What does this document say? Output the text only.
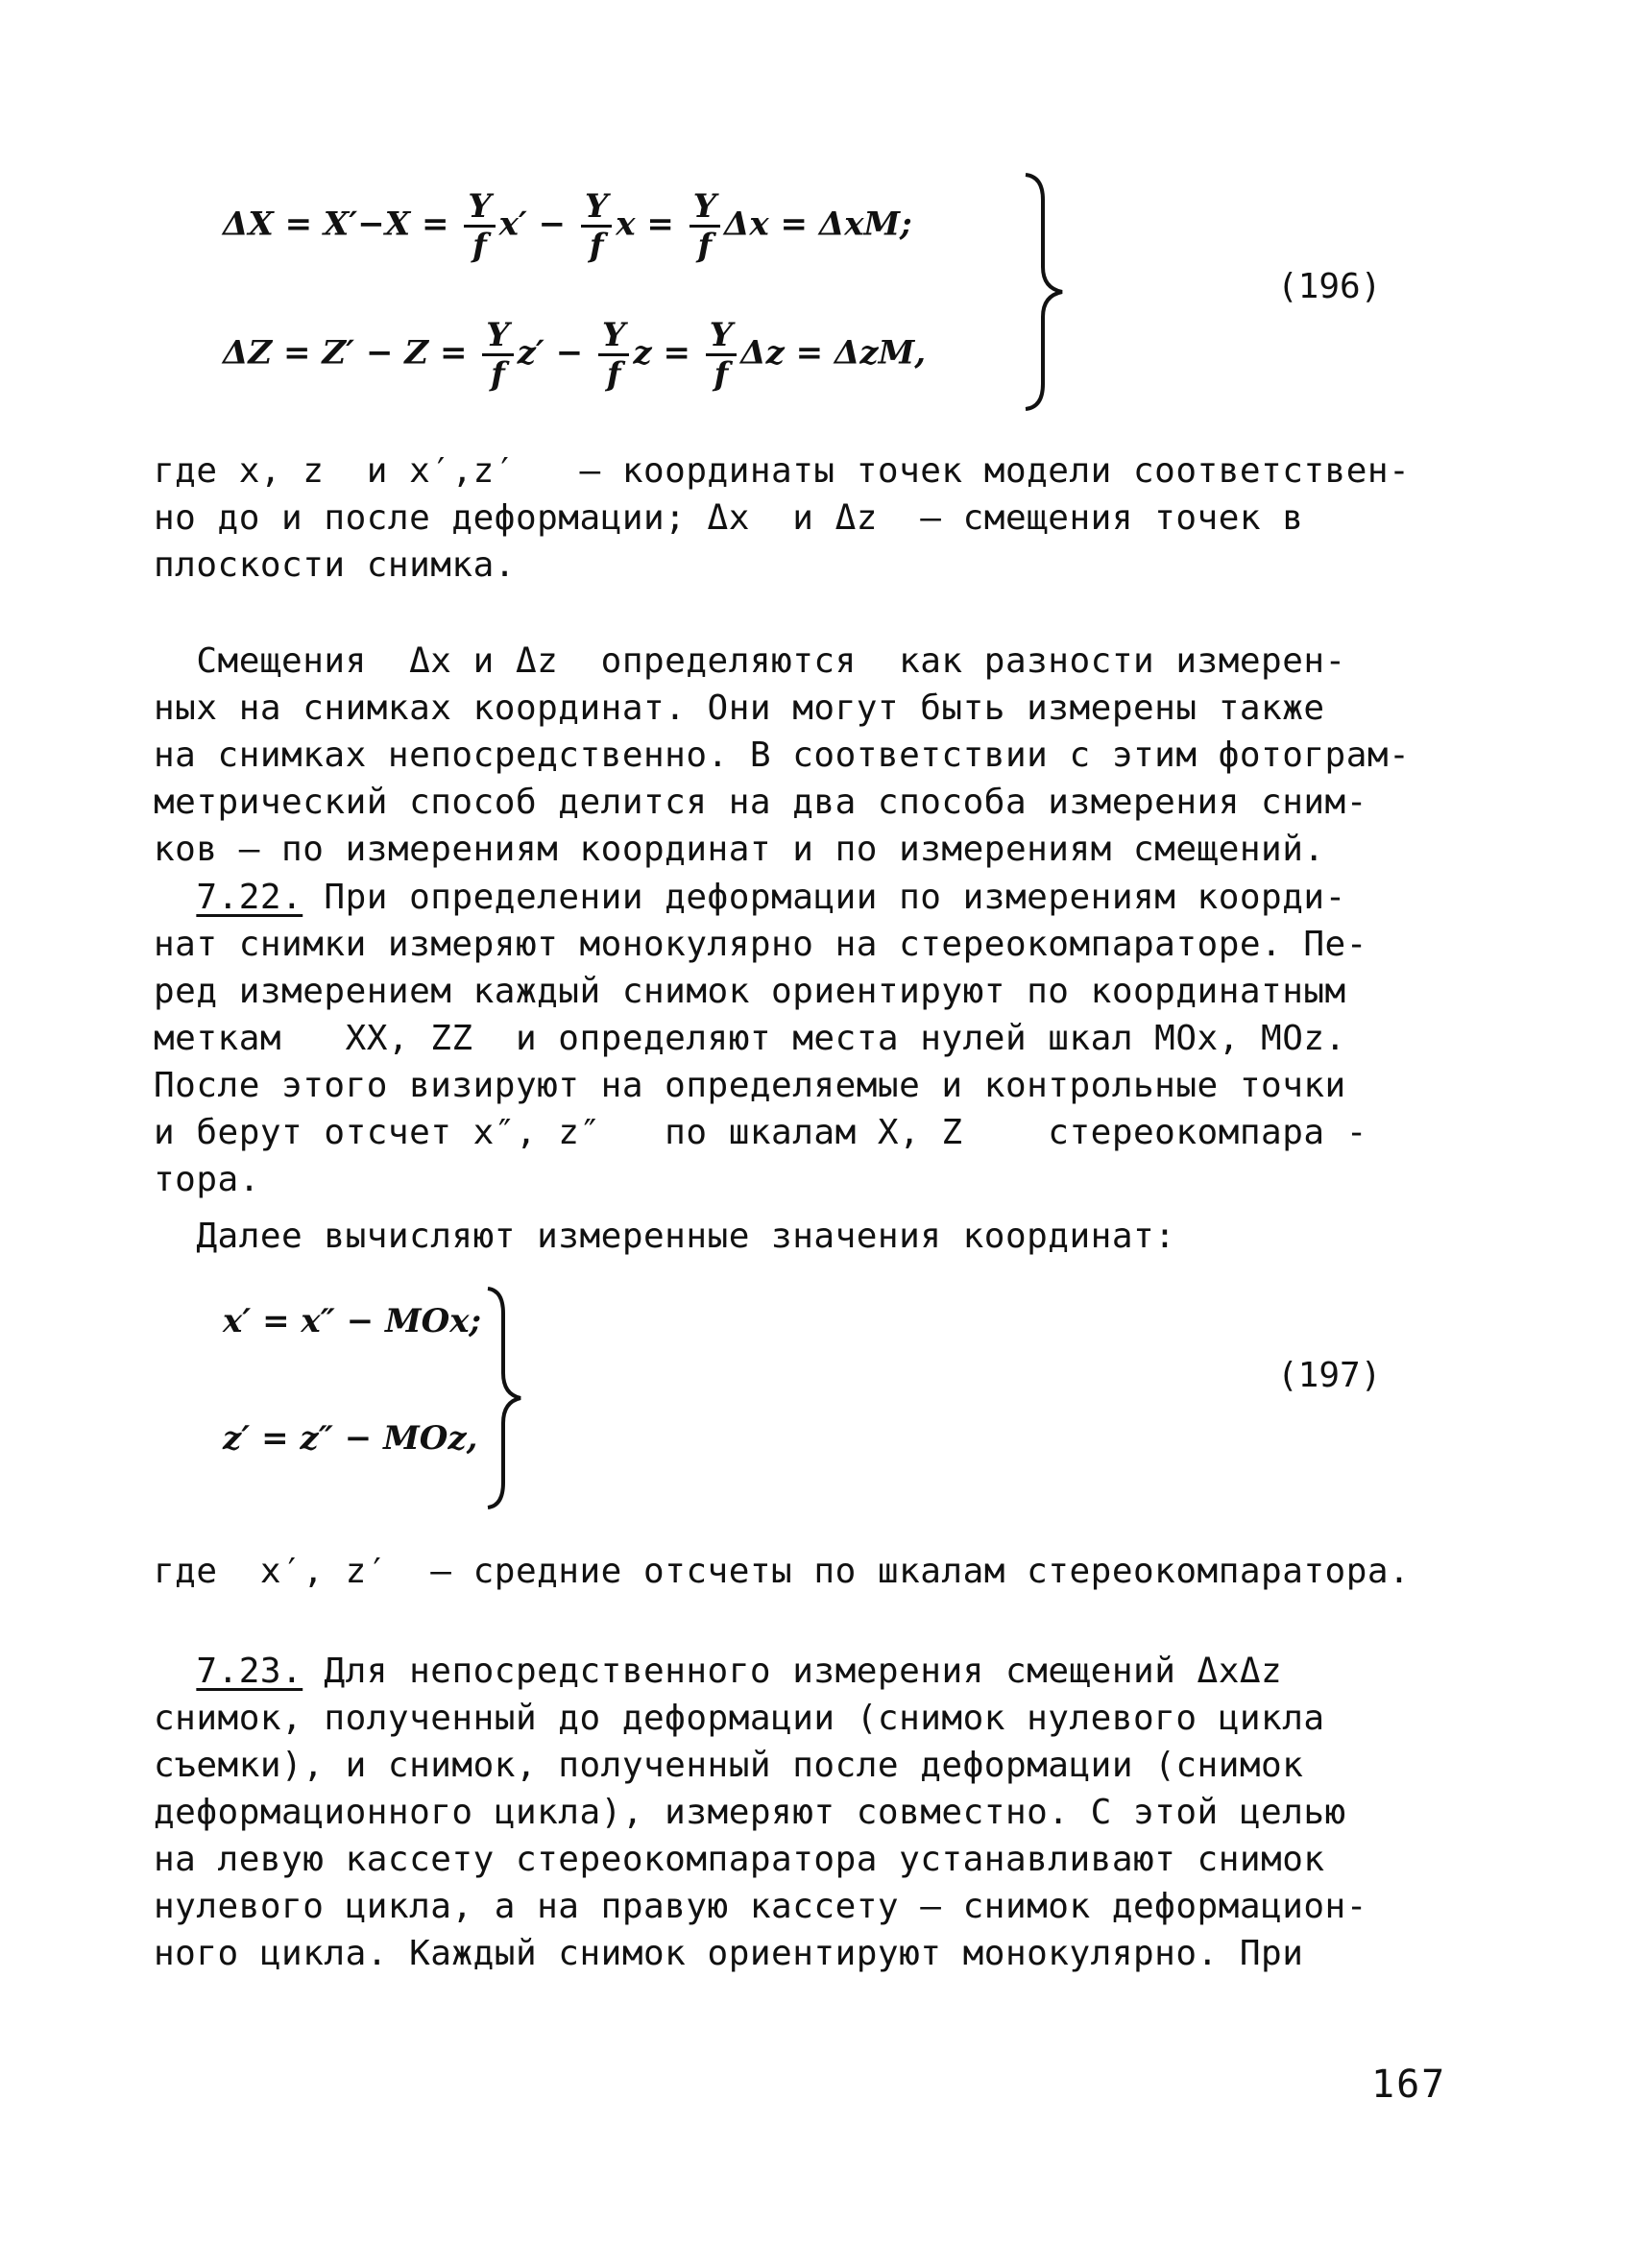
$\Delta X = X'-X = \frac{Y}{f} x' - \frac{Y}{f}$ $x = \frac{Y}{f}$ Δx = ΔxM;
$\Delta Z = Z' - Z = \frac{Y}{f} z' - \frac{Y}{f}$ $z = \frac{Y}{f}$ Δz = ΔzM,
(196)
где x, z  и x′,z′   – координаты точек модели соответствен-
но до и после деформации; Δx  и Δz  – смещения точек в
плоскости снимка.
Смещения  Δx и Δz  определяются  как разности измерен-
ных на снимках координат. Они могут быть измерены также
на снимках непосредственно. В соответствии с этим фотограм-
метрический способ делится на два способа измерения сним-
ков – по измерениям координат и по измерениям смещений.
7.22. При определении деформации по измерениям коорди-
нат снимки измеряют монокулярно на стереокомпараторе. Пе-
ред измерением каждый снимок ориентируют по координатным
меткам   XX, ZZ  и определяют места нулей шкал MOx, MOz.
После этого визируют на определяемые и контрольные точки
и берут отсчет x″, z″   по шкалам X, Z    стереокомпара -
тора.
Далее вычисляют измеренные значения координат:
x′ = x″ − MOx;
z′ = z″ − MOz,
(197)
где  x′, z′  – средние отсчеты по шкалам стереокомпаратора.
7.23. Для непосредственного измерения смещений ΔxΔz
снимок, полученный до деформации (снимок нулевого цикла
съемки), и снимок, полученный после деформации (снимок
деформационного цикла), измеряют совместно. С этой целью
на левую кассету стереокомпаратора устанавливают снимок
нулевого цикла, а на правую кассету – снимок деформацион-
ного цикла. Каждый снимок ориентируют монокулярно. При
167
